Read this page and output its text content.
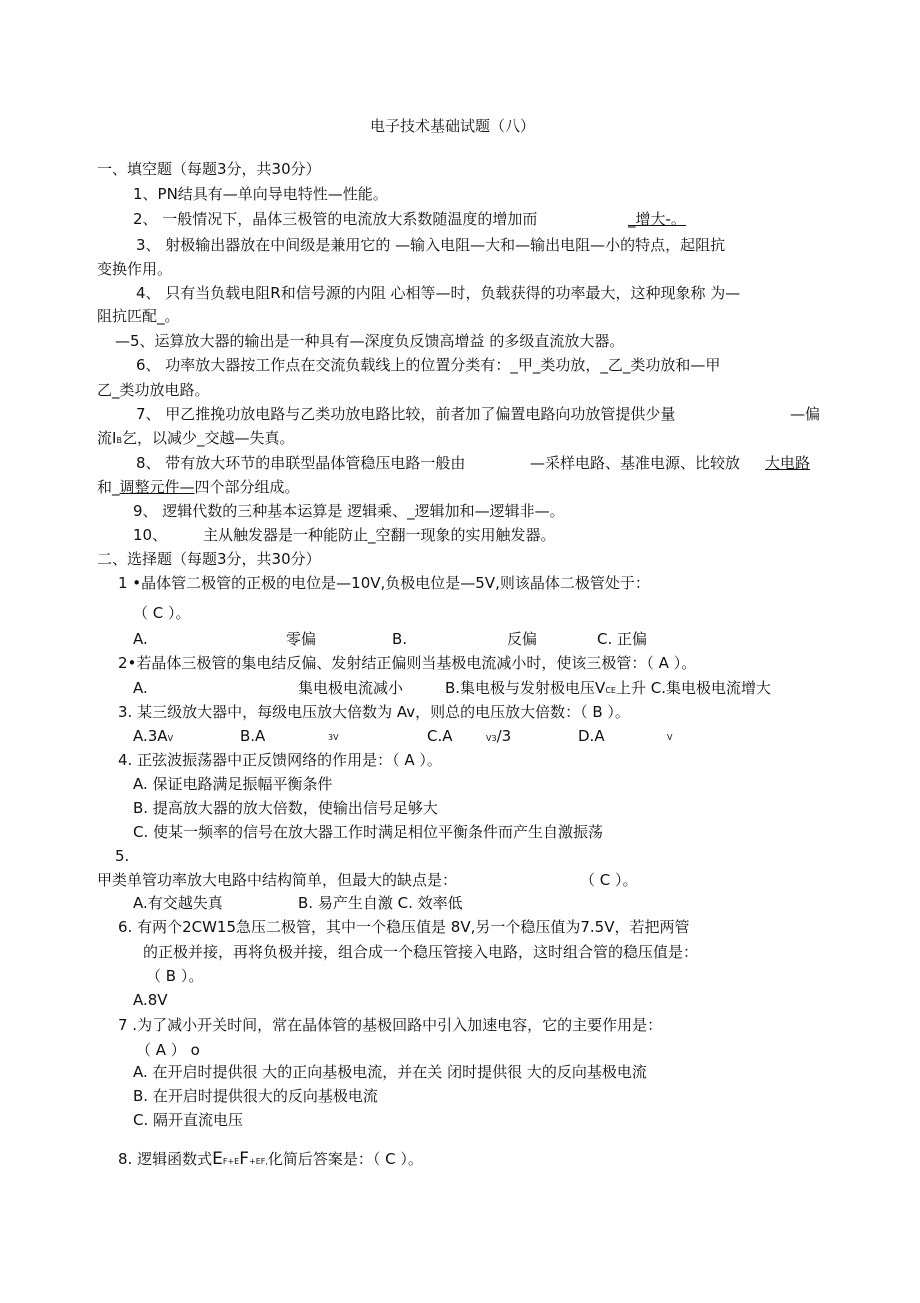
电子技术基础试题（八）
一、填空题（每题3分，共30分）
1、PN结具有—单向导电特性—性能。
2、 一般情况下，晶体三极管的电流放大系数随温度的增加而	_增大-。
3、 射极输出器放在中间级是兼用它的 —输入电阻—大和—输出电阻—小的特点，起阻抗
变换作用。
4、 只有当负载电阻R和信号源的内阻 心相等—时，负载获得的功率最大，这种现象称 为—
阻抗匹配_。
—5、运算放大器的输出是一种具有—深度负反馈高增益 的多级直流放大器。
6、 功率放大器按工作点在交流负载线上的位置分类有：_甲_类功放，_乙_类功放和—甲
乙_类功放电路。
7、 甲乙推挽功放电路与乙类功放电路比较，前者加了偏置电路向功放管提供少量	—偏
流IB乞，以减少_交越—失真。
8、 带有放大环节的串联型晶体管稳压电路一般由	—采样电路、基准电源、比较放 大电路
和_调整元件—四个部分组成。
9、 逻辑代数的三种基本运算是 逻辑乘、_逻辑加和—逻辑非—。
10、 主从触发器是一种能防止_空翻一现象的实用触发器。
二、选择题（每题3分，共30分）
1 •晶体管二极管的正极的电位是—10V,负极电位是—5V,则该晶体二极管处于：
（ C ）。
A.	零偏	B.	反偏	C. 正偏
2•若晶体三极管的集电结反偏、发射结正偏则当基极电流减小时，使该三极管：（ A ）。
A.	集电极电流减小	B.集电极与发射极电压VCE上升 C.集电极电流增大
3. 某三级放大器中，每级电压放大倍数为 Av，则总的电压放大倍数：（ B ）。
A.3AV	B.A	3V	C.A	V3/3	D.A	V
4. 正弦波振荡器中正反馈网络的作用是：（ A ）。
A. 保证电路满足振幅平衡条件
B. 提高放大器的放大倍数，使输出信号足够大
C. 使某一频率的信号在放大器工作时满足相位平衡条件而产生自激振荡
5.
甲类单管功率放大电路中结构简单，但最大的缺点是：	（ C ）。
A.有交越失真	B. 易产生自激 C. 效率低
6. 有两个2CW15急压二极管，其中一个稳压值是 8V,另一个稳压值为7.5V，若把两管
的正极并接，再将负极并接，组合成一个稳压管接入电路，这时组合管的稳压值是：
（ B ）。
A.8V
7 .为了减小开关时间，常在晶体管的基极回路中引入加速电容，它的主要作用是：
（ A ） o
A. 在开启时提供很 大的正向基极电流，并在关 闭时提供很 大的反向基极电流
B. 在开启时提供很大的反向基极电流
C. 隔开直流电压
8. 逻辑函数式EF+EF+EF,化简后答案是：（ C ）。
